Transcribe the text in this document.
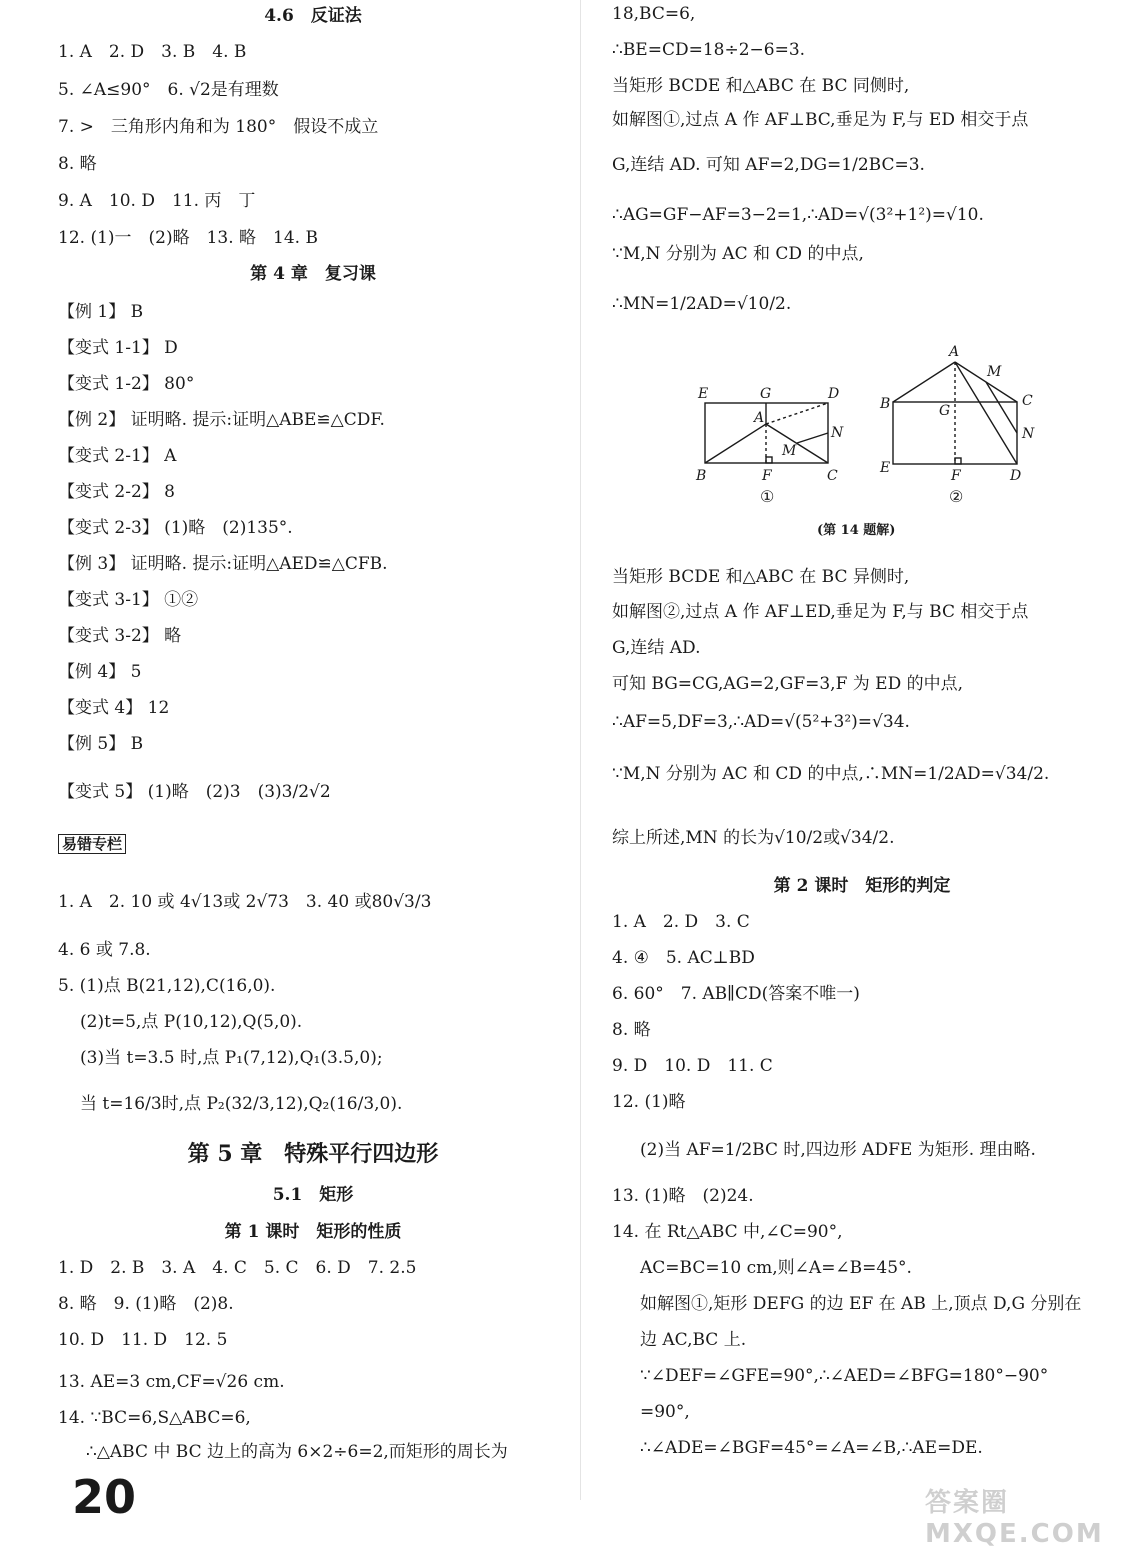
4.6　反证法
1. A　2. D　3. B　4. B
5. ∠A≤90°　6. √2是有理数
7. >　三角形内角和为 180°　假设不成立
8. 略
9. A　10. D　11. 丙　丁
12. (1)一　(2)略　13. 略　14. B
第 4 章　复习课
【例 1】 B
【变式 1-1】 D
【变式 1-2】 80°
【例 2】 证明略. 提示:证明△ABE≌△CDF.
【变式 2-1】 A
【变式 2-2】 8
【变式 2-3】 (1)略　(2)135°.
【例 3】 证明略. 提示:证明△AED≌△CFB.
【变式 3-1】 ①②
【变式 3-2】 略
【例 4】 5
【变式 4】 12
【例 5】 B
【变式 5】 (1)略　(2)3　(3)3/2√2
易错专栏
1. A　2. 10 或 4√13或 2√73　3. 40 或80√3/3
4. 6 或 7.8.
5. (1)点 B(21,12),C(16,0).
(2)t=5,点 P(10,12),Q(5,0).
(3)当 t=3.5 时,点 P₁(7,12),Q₁(3.5,0);
当 t=16/3时,点 P₂(32/3,12),Q₂(16/3,0).
第 5 章　特殊平行四边形
5.1　矩形
第 1 课时　矩形的性质
1. D　2. B　3. A　4. C　5. C　6. D　7. 2.5
8. 略　9. (1)略　(2)8.
10. D　11. D　12. 5
13. AE=3 cm,CF=√26 cm.
14. ∵BC=6,S△ABC=6,
∴△ABC 中 BC 边上的高为 6×2÷6=2,而矩形的周长为
18,BC=6,
∴BE=CD=18÷2−6=3.
当矩形 BCDE 和△ABC 在 BC 同侧时,
如解图①,过点 A 作 AF⊥BC,垂足为 F,与 ED 相交于点
G,连结 AD. 可知 AF=2,DG=1/2BC=3.
∴AG=GF−AF=3−2=1,∴AD=√(3²+1²)=√10.
∵M,N 分别为 AC 和 CD 的中点,
∴MN=1/2AD=√10/2.
(第 14 题解)
当矩形 BCDE 和△ABC 在 BC 异侧时,
如解图②,过点 A 作 AF⊥ED,垂足为 F,与 BC 相交于点
G,连结 AD.
可知 BG=CG,AG=2,GF=3,F 为 ED 的中点,
∴AF=5,DF=3,∴AD=√(5²+3²)=√34.
∵M,N 分别为 AC 和 CD 的中点,∴MN=1/2AD=√34/2.
综上所述,MN 的长为√10/2或√34/2.
第 2 课时　矩形的判定
1. A　2. D　3. C
4. ④　5. AC⊥BD
6. 60°　7. AB∥CD(答案不唯一)
8. 略
9. D　10. D　11. C
12. (1)略
(2)当 AF=1/2BC 时,四边形 ADFE 为矩形. 理由略.
13. (1)略　(2)24.
14. 在 Rt△ABC 中,∠C=90°,
AC=BC=10 cm,则∠A=∠B=45°.
如解图①,矩形 DEFG 的边 EF 在 AB 上,顶点 D,G 分别在
边 AC,BC 上.
∵∠DEF=∠GFE=90°,∴∠AED=∠BFG=180°−90°
=90°,
∴∠ADE=∠BGF=45°=∠A=∠B,∴AE=DE.
E	G	D
A
M
N
B	F	C
①
A
M
B	G
C
N
E	F	D
②
20	答案圈 MXQE.COM
